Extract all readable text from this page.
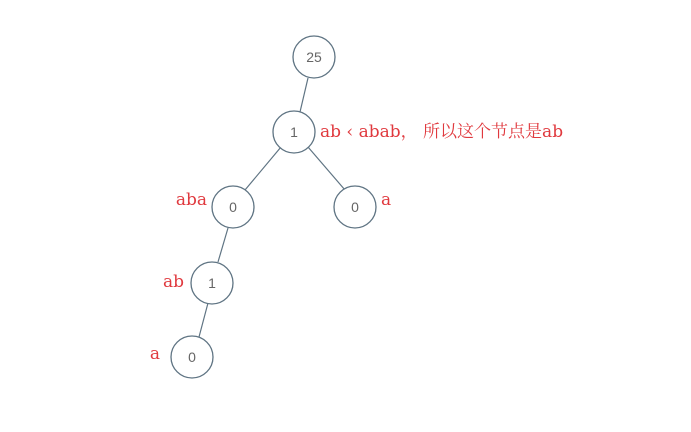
25
1
0	0
1
0
ab ‹ abab， 所以这个节点是ab
aba	a
ab
a
